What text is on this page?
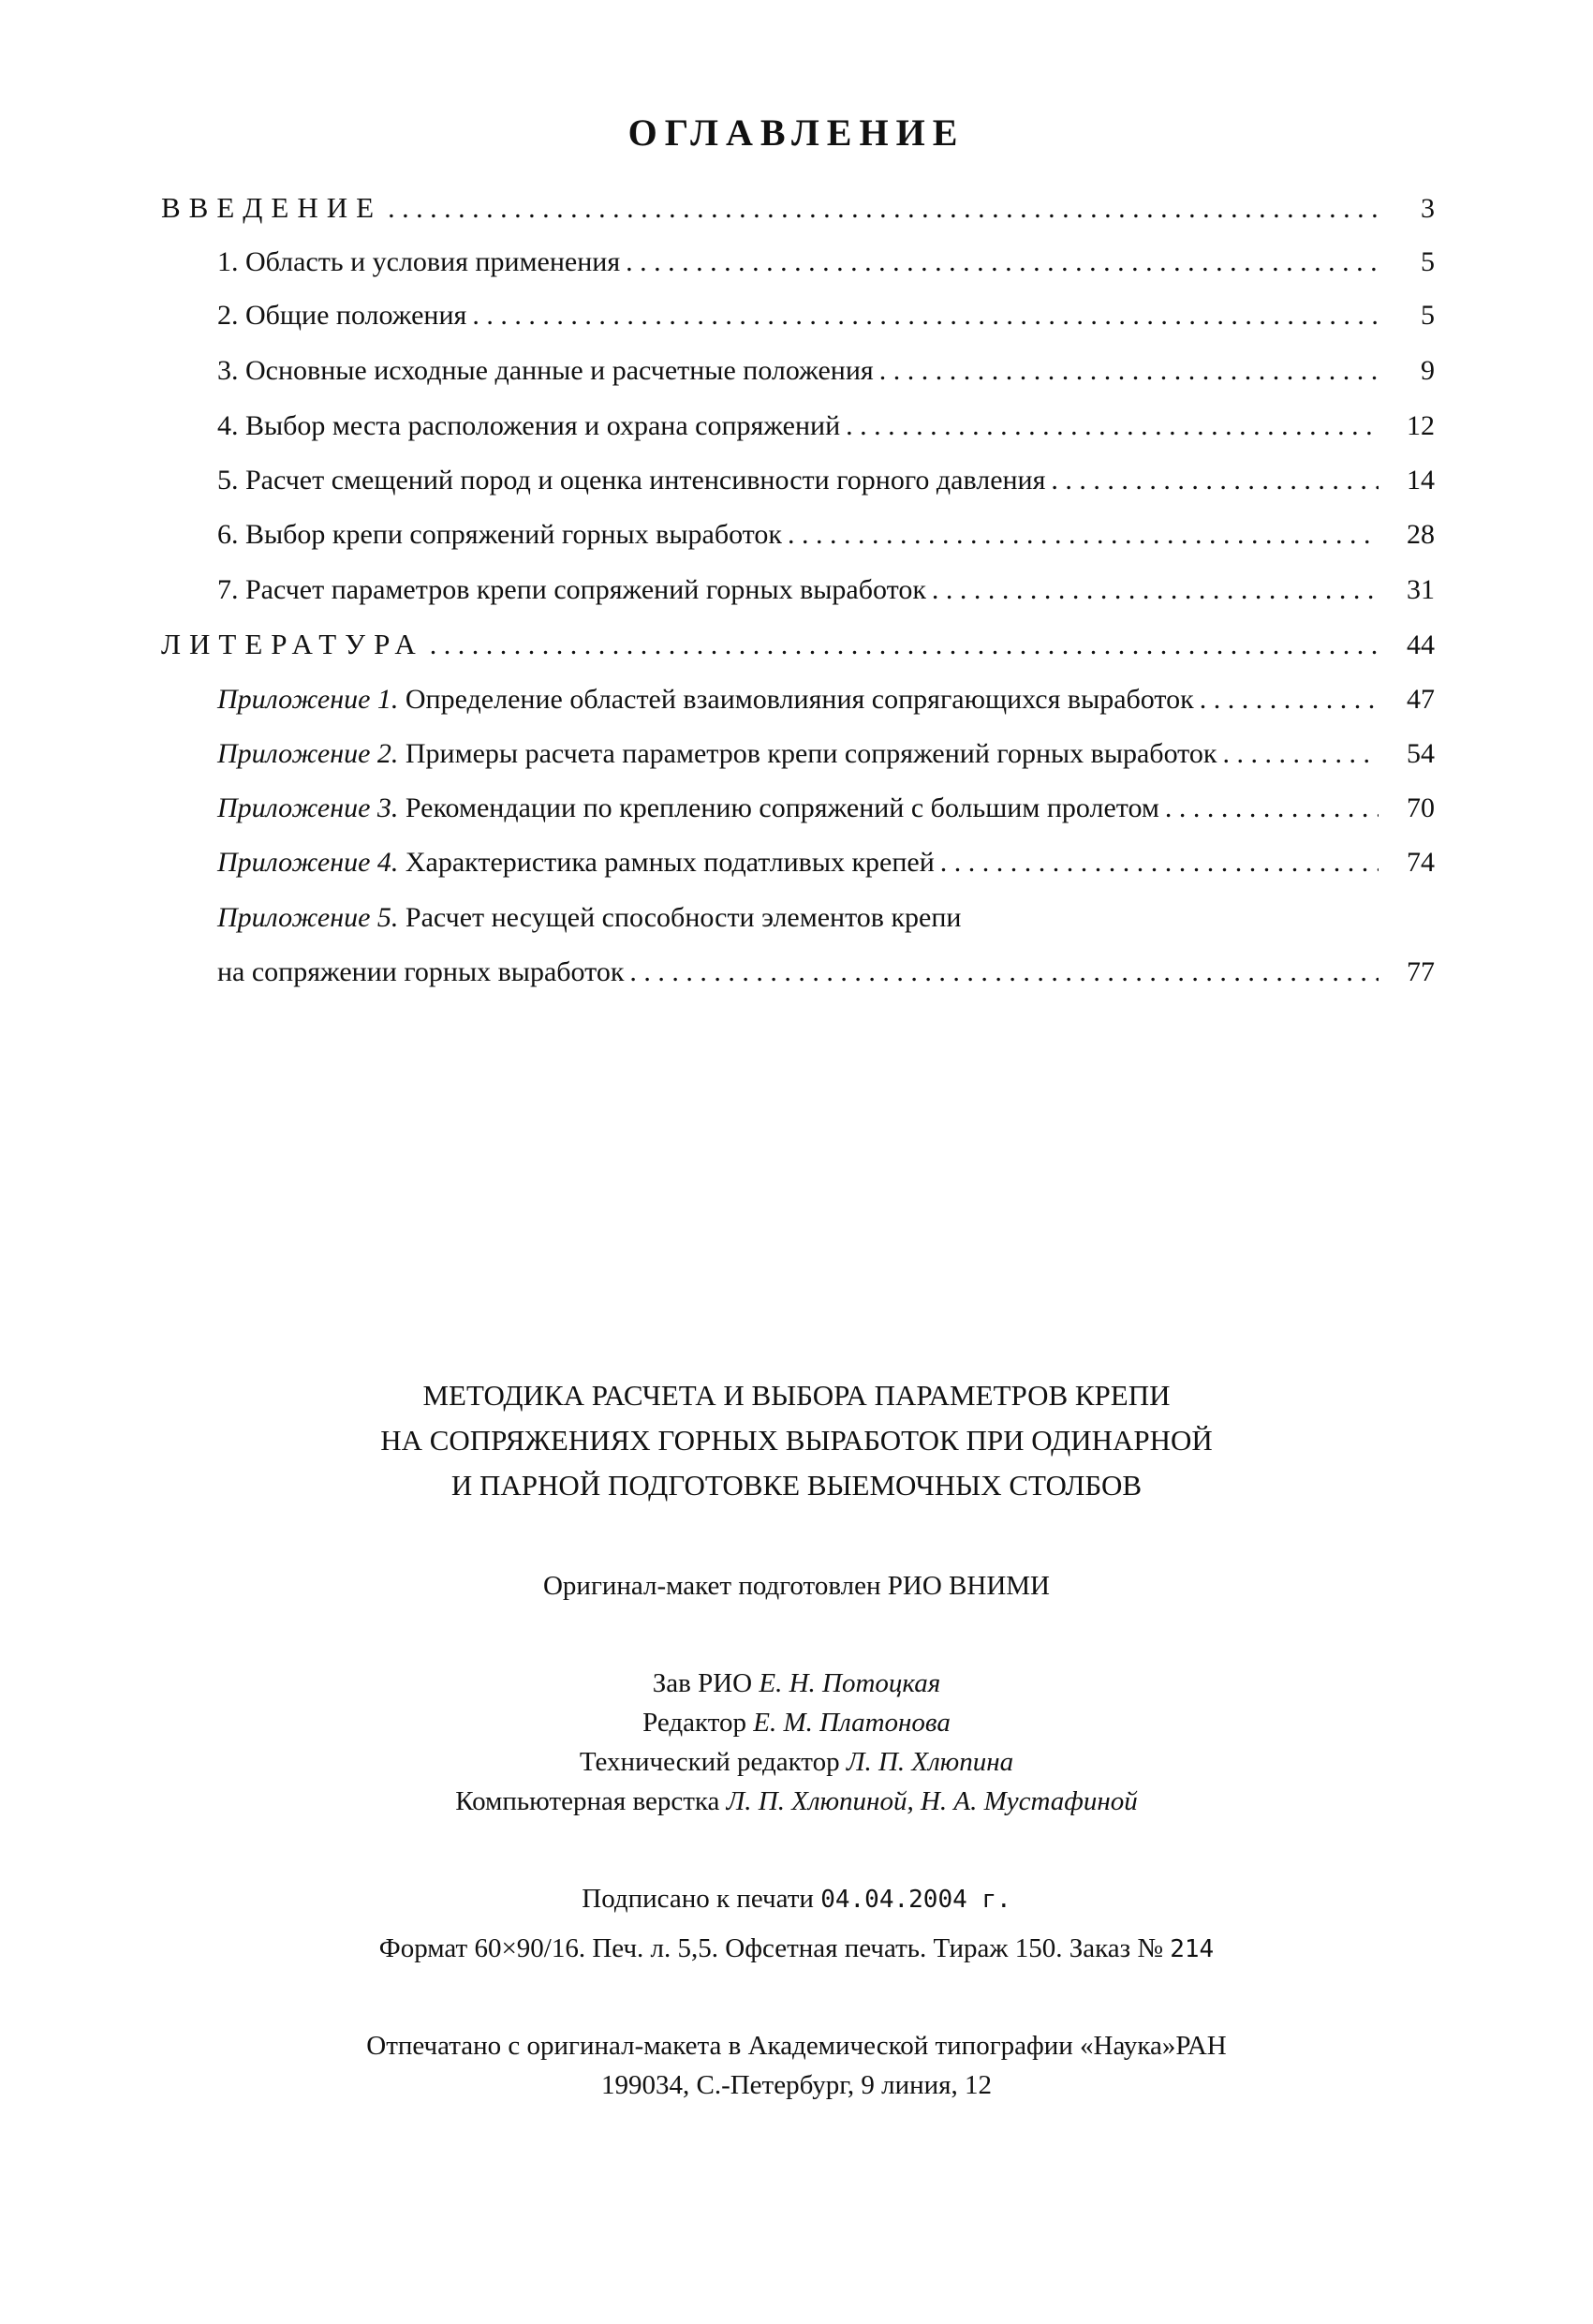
ОГЛАВЛЕНИЕ
ВВЕДЕНИЕ . . .	3
1. Область и условия применения . . .	5
2. Общие положения . . .	5
3. Основные исходные данные и расчетные положения . . .	9
4. Выбор места расположения и охрана сопряжений . . .	12
5. Расчет смещений пород и оценка интенсивности горного давления . . .	14
6. Выбор крепи сопряжений горных выработок . . .	28
7. Расчет параметров крепи сопряжений горных выработок . . .	31
ЛИТЕРАТУРА . . .	44
Приложение 1. Определение областей взаимовлияния сопрягающихся выработок . . .	47
Приложение 2. Примеры расчета параметров крепи сопряжений горных выработок . . .	54
Приложение 3. Рекомендации по креплению сопряжений с большим пролетом . . .	70
Приложение 4. Характеристика рамных податливых крепей . . .	74
Приложение 5. Расчет несущей способности элементов крепи
на сопряжении горных выработок . . .	77
МЕТОДИКА РАСЧЕТА И ВЫБОРА ПАРАМЕТРОВ КРЕПИ
НА СОПРЯЖЕНИЯХ ГОРНЫХ ВЫРАБОТОК ПРИ ОДИНАРНОЙ
И ПАРНОЙ ПОДГОТОВКЕ ВЫЕМОЧНЫХ СТОЛБОВ
Оригинал-макет подготовлен РИО ВНИМИ
Зав РИО Е. Н. Потоцкая
Редактор Е. М. Платонова
Технический редактор Л. П. Хлюпина
Компьютерная верстка Л. П. Хлюпиной, Н. А. Мустафиной
Подписано к печати 04.04.2004 г.
Формат 60×90/16. Печ. л. 5,5. Офсетная печать. Тираж 150. Заказ № 214
Отпечатано с оригинал-макета в Академической типографии «Наука»РАН
199034, С.-Петербург, 9 линия, 12
